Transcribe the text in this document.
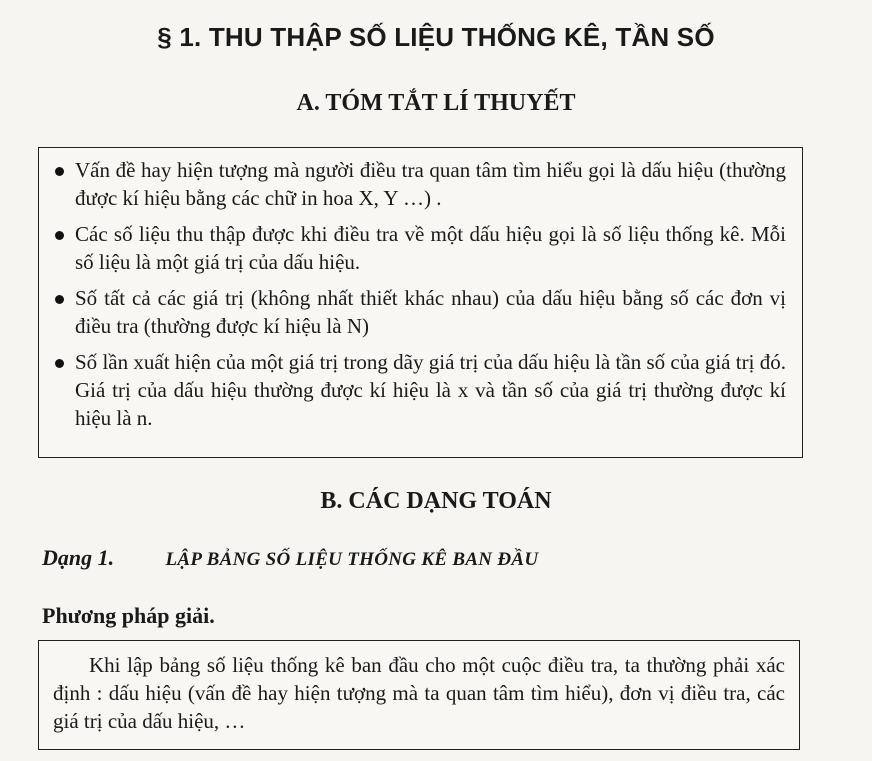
§ 1. THU THẬP SỐ LIỆU THỐNG KÊ, TẦN SỐ
A. TÓM TẮT LÍ THUYẾT
Vấn đề hay hiện tượng mà người điều tra quan tâm tìm hiểu gọi là dấu hiệu (thường được kí hiệu bằng các chữ in hoa X, Y …) .
Các số liệu thu thập được khi điều tra về một dấu hiệu gọi là số liệu thống kê. Mỗi số liệu là một giá trị của dấu hiệu.
Số tất cả các giá trị (không nhất thiết khác nhau) của dấu hiệu bằng số các đơn vị điều tra (thường được kí hiệu là N)
Số lần xuất hiện của một giá trị trong dãy giá trị của dấu hiệu là tần số của giá trị đó. Giá trị của dấu hiệu thường được kí hiệu là x và tần số của giá trị thường được kí hiệu là n.
B. CÁC DẠNG TOÁN
Dạng 1.	LẬP BẢNG SỐ LIỆU THỐNG KÊ BAN ĐẦU
Phương pháp giải.

Khi lập bảng số liệu thống kê ban đầu cho một cuộc điều tra, ta thường phải xác định : dấu hiệu (vấn đề hay hiện tượng mà ta quan tâm tìm hiểu), đơn vị điều tra, các giá trị của dấu hiệu, …
